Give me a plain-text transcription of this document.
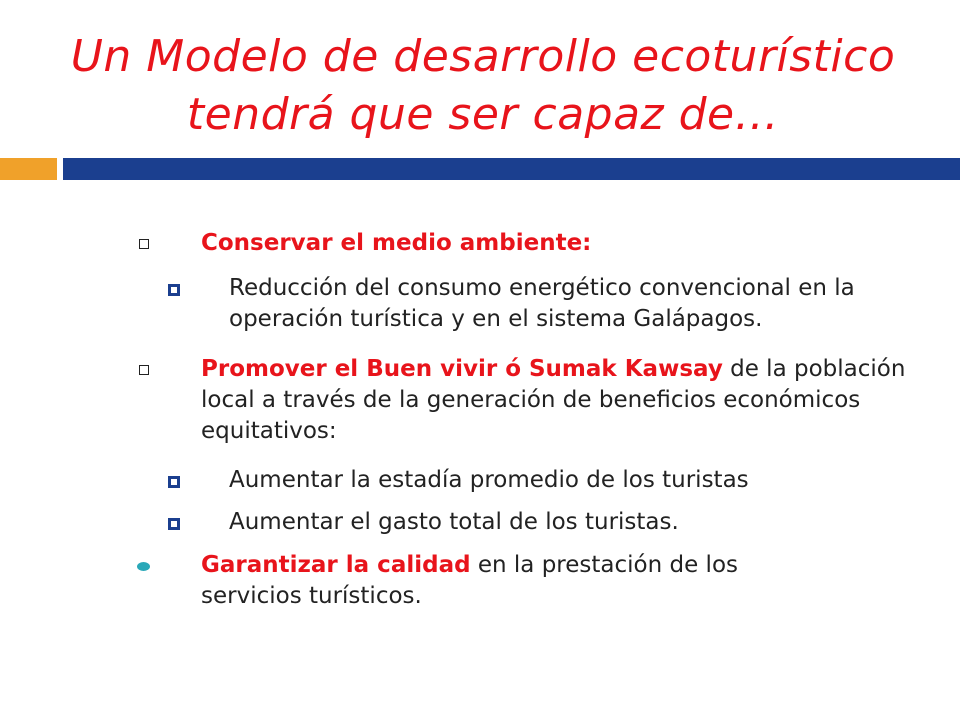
Un Modelo de desarrollo ecoturístico
tendrá que ser capaz de…
Conservar el medio ambiente:
Reducción del consumo energético convencional en la operación turística y en el sistema Galápagos.
Promover el Buen vivir ó Sumak Kawsay de la población local a través de la generación de beneficios económicos equitativos:
Aumentar la estadía promedio de los turistas
Aumentar el gasto total de los turistas.
Garantizar la calidad en la prestación de los servicios turísticos.
